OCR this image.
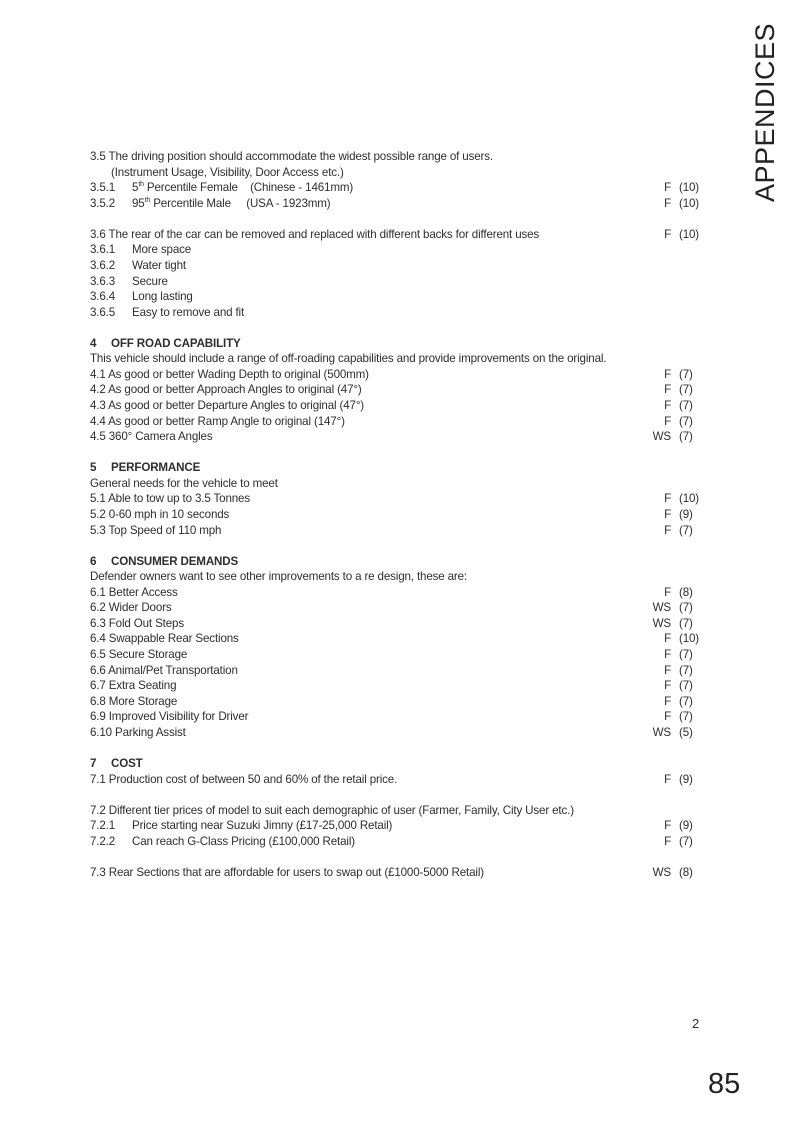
APPENDICES
3.5 The driving position should accommodate the widest possible range of users.
(Instrument Usage, Visibility, Door Access etc.)
3.5.1 5th Percentile Female    (Chinese - 1461mm)	F (10)
3.5.2 95th Percentile Male     (USA - 1923mm)	F (10)
3.6 The rear of the car can be removed and replaced with different backs for different uses	F (10)
3.6.1 More space
3.6.2 Water tight
3.6.3 Secure
3.6.4 Long lasting
3.6.5 Easy to remove and fit
4 OFF ROAD CAPABILITY
This vehicle should include a range of off-roading capabilities and provide improvements on the original.
4.1 As good or better Wading Depth to original (500mm)	F (7)
4.2 As good or better Approach Angles to original (47°)	F (7)
4.3 As good or better Departure Angles to original (47°)	F (7)
4.4 As good or better Ramp Angle to original (147°)	F (7)
4.5 360° Camera Angles	WS (7)
5 PERFORMANCE
General needs for the vehicle to meet
5.1 Able to tow up to 3.5 Tonnes	F (10)
5.2 0-60 mph in 10 seconds	F (9)
5.3 Top Speed of 110 mph	F (7)
6 CONSUMER DEMANDS
Defender owners want to see other improvements to a re design, these are:
6.1 Better Access	F (8)
6.2 Wider Doors	WS (7)
6.3 Fold Out Steps	WS (7)
6.4 Swappable Rear Sections	F (10)
6.5 Secure Storage	F (7)
6.6 Animal/Pet Transportation	F (7)
6.7 Extra Seating	F (7)
6.8 More Storage	F (7)
6.9 Improved Visibility for Driver	F (7)
6.10 Parking Assist	WS (5)
7 COST
7.1 Production cost of between 50 and 60% of the retail price.	F (9)
7.2 Different tier prices of model to suit each demographic of user (Farmer, Family, City User etc.)
7.2.1 Price starting near Suzuki Jimny (£17-25,000 Retail)	F (9)
7.2.2 Can reach G-Class Pricing (£100,000 Retail)	F (7)
7.3 Rear Sections that are affordable for users to swap out (£1000-5000 Retail)	WS (8)
2
85
